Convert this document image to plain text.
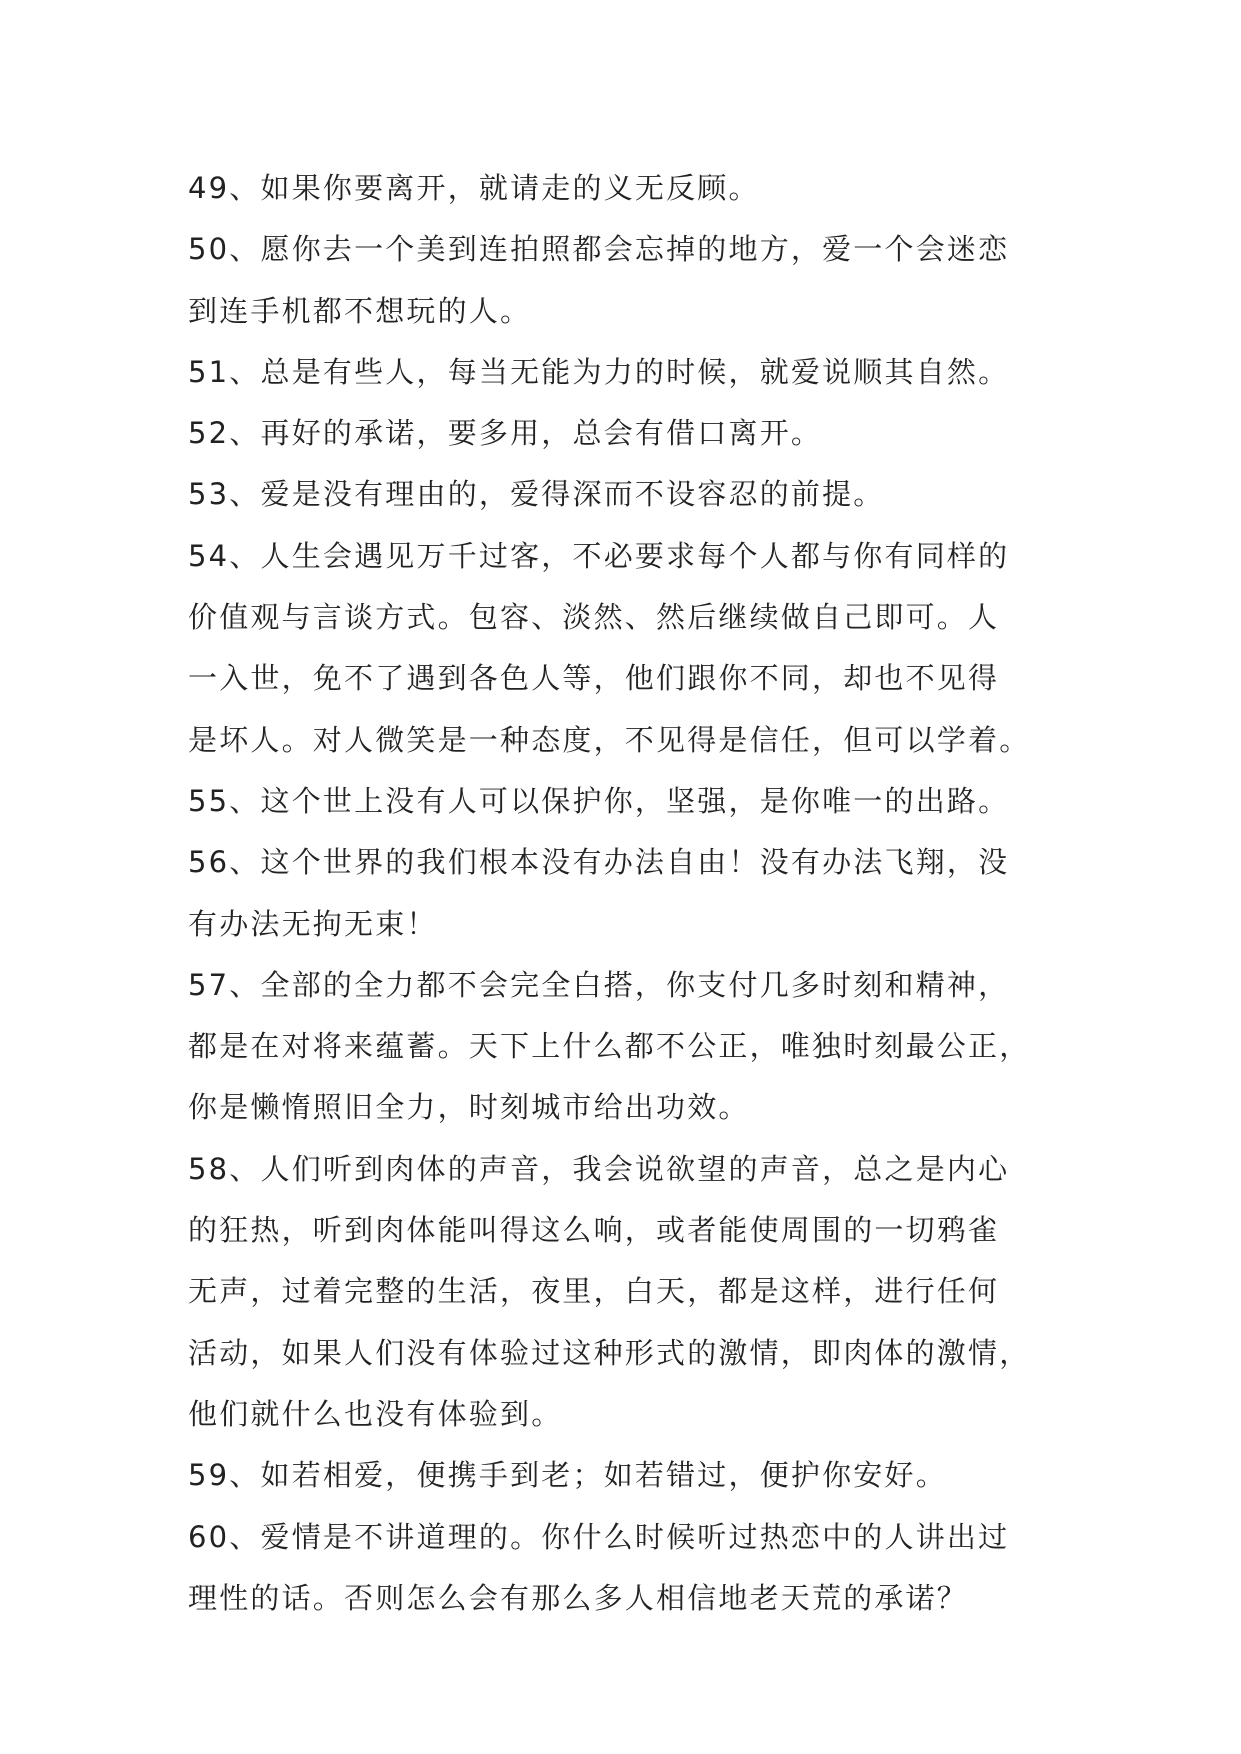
49、如果你要离开，就请走的义无反顾。
50、愿你去一个美到连拍照都会忘掉的地方，爱一个会迷恋
到连手机都不想玩的人。
51、总是有些人，每当无能为力的时候，就爱说顺其自然。
52、再好的承诺，要多用，总会有借口离开。
53、爱是没有理由的，爱得深而不设容忍的前提。
54、人生会遇见万千过客，不必要求每个人都与你有同样的
价值观与言谈方式。包容、淡然、然后继续做自己即可。人
一入世，免不了遇到各色人等，他们跟你不同，却也不见得
是坏人。对人微笑是一种态度，不见得是信任，但可以学着。
55、这个世上没有人可以保护你，坚强，是你唯一的出路。
56、这个世界的我们根本没有办法自由！没有办法飞翔，没
有办法无拘无束！
57、全部的全力都不会完全白搭，你支付几多时刻和精神，
都是在对将来蕴蓄。天下上什么都不公正，唯独时刻最公正，
你是懒惰照旧全力，时刻城市给出功效。
58、人们听到肉体的声音，我会说欲望的声音，总之是内心
的狂热，听到肉体能叫得这么响，或者能使周围的一切鸦雀
无声，过着完整的生活，夜里，白天，都是这样，进行任何
活动，如果人们没有体验过这种形式的激情，即肉体的激情，
他们就什么也没有体验到。
59、如若相爱，便携手到老；如若错过，便护你安好。
60、爱情是不讲道理的。你什么时候听过热恋中的人讲出过
理性的话。否则怎么会有那么多人相信地老天荒的承诺？
